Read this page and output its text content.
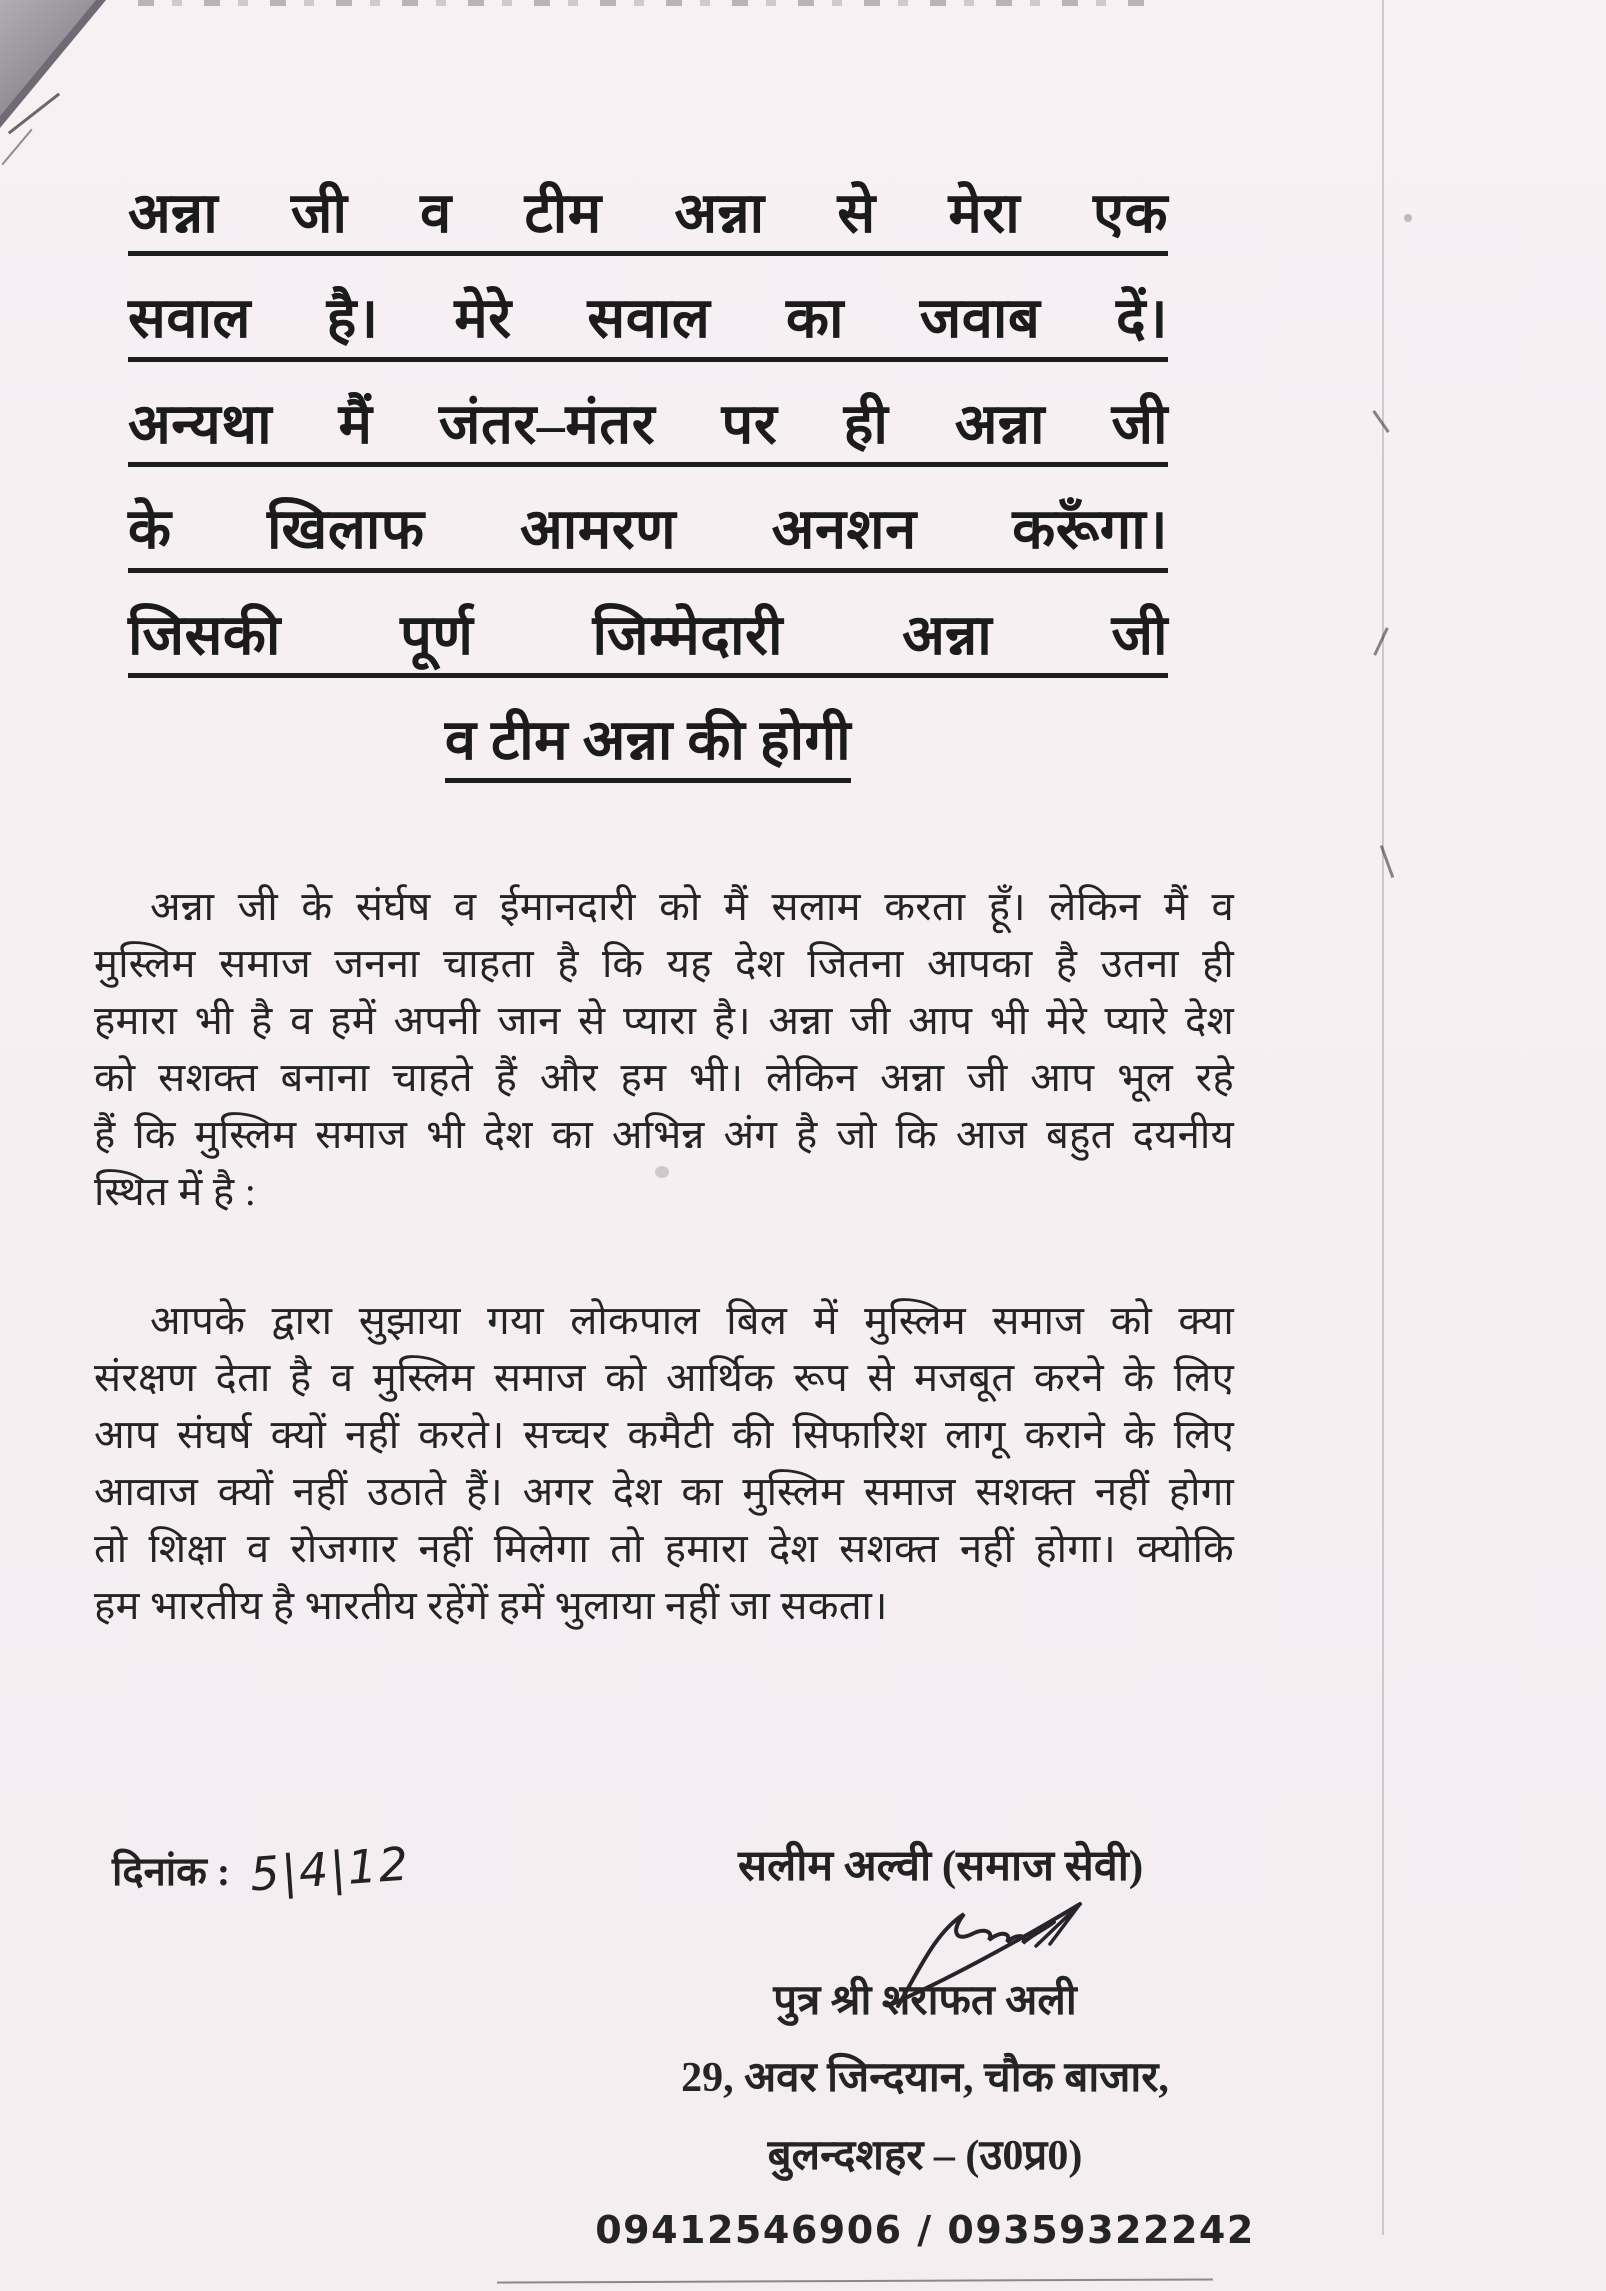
अन्ना जी व टीम अन्ना से मेरा एक
सवाल है। मेरे सवाल का जवाब दें।
अन्यथा मैं जंतर–मंतर पर ही अन्ना जी
के खिलाफ आमरण अनशन करूँगा।
जिसकी पूर्ण जिम्मेदारी अन्ना जी
व टीम अन्ना की होगी
अन्ना जी के संर्घष व ईमानदारी को मैं सलाम करता हूँ। लेकिन मैं व
मुस्लिम समाज जनना चाहता है कि यह देश जितना आपका है उतना ही
हमारा भी है व हमें अपनी जान से प्यारा है। अन्ना जी आप भी मेरे प्यारे देश
को सशक्त बनाना चाहते हैं और हम भी। लेकिन अन्ना जी आप भूल रहे
हैं कि मुस्लिम समाज भी देश का अभिन्न अंग है जो कि आज बहुत दयनीय
स्थित में है :
आपके द्वारा सुझाया गया लोकपाल बिल में मुस्लिम समाज को क्या
संरक्षण देता है व मुस्लिम समाज को आर्थिक रूप से मजबूत करने के लिए
आप संघर्ष क्यों नहीं करते। सच्चर कमैटी की सिफारिश लागू कराने के लिए
आवाज क्यों नहीं उठाते हैं। अगर देश का मुस्लिम समाज सशक्त नहीं होगा
तो शिक्षा व रोजगार नहीं मिलेगा तो हमारा देश सशक्त नहीं होगा। क्योकि
हम भारतीय है भारतीय रहेंगें हमें भुलाया नहीं जा सकता।
दिनांक : 5|4|12	सलीम अल्वी (समाज सेवी)
पुत्र श्री शराफत अली
29, अवर जिन्दयान, चौक बाजार,
बुलन्दशहर – (उ0प्र0)
09412546906 / 09359322242
